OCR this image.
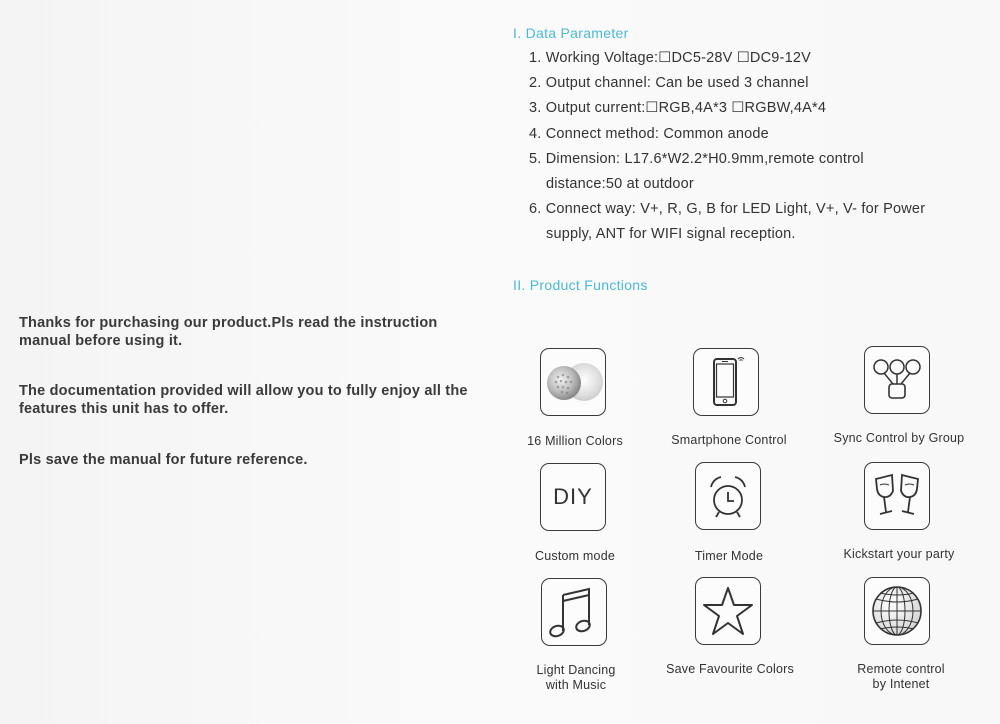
Thanks for purchasing our product.Pls read the instruction manual before using it.

The documentation provided will allow you to fully enjoy all the features this unit has to offer.

Pls save the manual for future reference.

I. Data Parameter
1. Working Voltage:☐DC5-28V ☐DC9-12V
2. Output channel: Can be used 3 channel
3. Output current:☐RGB,4A*3 ☐RGBW,4A*4
4. Connect method: Common anode
5. Dimension: L17.6*W2.2*H0.9mm,remote control
distance:50 at outdoor
6. Connect way: V+, R, G, B for LED Light, V+, V- for Power
supply, ANT for WIFI signal reception.
II. Product Functions
16 Million Colors	Smartphone Control	Sync Control by Group
DIY
Custom mode	Timer Mode	Kickstart your party
Light Dancing
with Music
Save Favourite Colors	Remote control
by Intenet
